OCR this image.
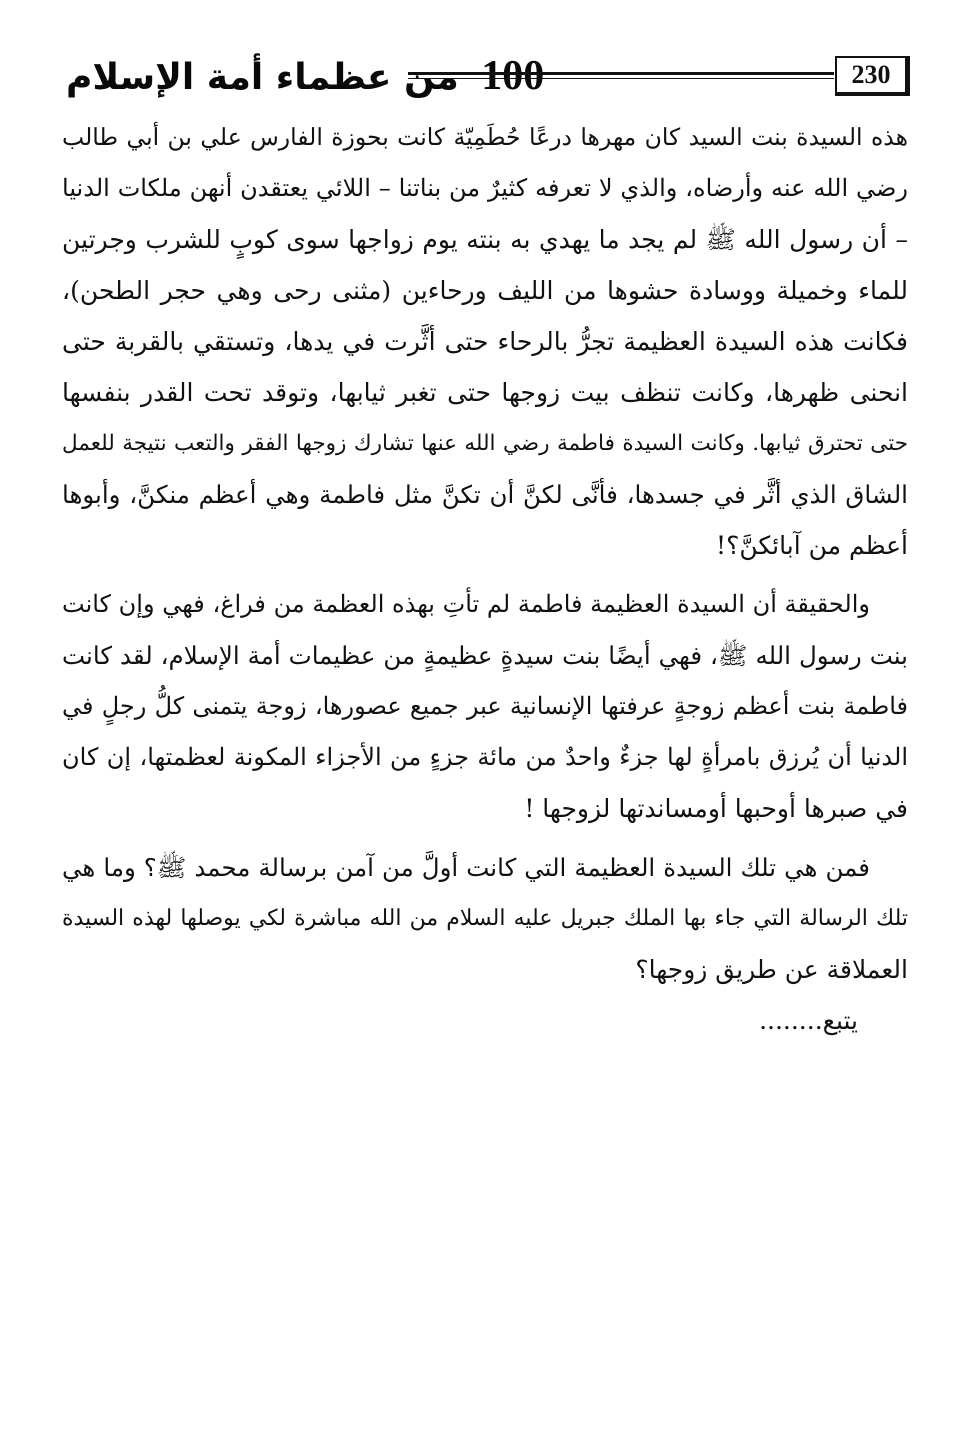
100 من عظماء أمة الإسلام	230

هذه السيدة بنت السيد كان مهرها درعًا حُطَمِيّة كانت بحوزة الفارس علي بن أبي طالب
رضي الله عنه وأرضاه، والذي لا تعرفه كثيرٌ من بناتنا – اللائي يعتقدن أنهن ملكات الدنيا
– أن رسول الله ﷺ لم يجد ما يهدي به بنته يوم زواجها سوى كوبٍ للشرب وجرتين
للماء وخميلة ووسادة حشوها من الليف ورحاءين (مثنى رحى وهي حجر الطحن)،
فكانت هذه السيدة العظيمة تجرُّ بالرحاء حتى أثَّرت في يدها، وتستقي بالقربة حتى
انحنى ظهرها، وكانت تنظف بيت زوجها حتى تغبر ثيابها، وتوقد تحت القدر بنفسها
حتى تحترق ثيابها. وكانت السيدة فاطمة رضي الله عنها تشارك زوجها الفقر والتعب نتيجة للعمل
الشاق الذي أثَّر في جسدها، فأنَّى لكنَّ أن تكنَّ مثل فاطمة وهي أعظم منكنَّ، وأبوها
أعظم من آبائكنَّ؟!

والحقيقة أن السيدة العظيمة فاطمة لم تأتِ بهذه العظمة من فراغ، فهي وإن كانت
بنت رسول الله ﷺ، فهي أيضًا بنت سيدةٍ عظيمةٍ من عظيمات أمة الإسلام، لقد كانت
فاطمة بنت أعظم زوجةٍ عرفتها الإنسانية عبر جميع عصورها، زوجة يتمنى كلُّ رجلٍ في
الدنيا أن يُرزق بامرأةٍ لها جزءٌ واحدٌ من مائة جزءٍ من الأجزاء المكونة لعظمتها، إن كان
في صبرها أوحبها أومساندتها لزوجها !

فمن هي تلك السيدة العظيمة التي كانت أولَّ من آمن برسالة محمد ﷺ؟ وما هي
تلك الرسالة التي جاء بها الملك جبريل عليه السلام من الله مباشرة لكي يوصلها لهذه السيدة
العملاقة عن طريق زوجها؟

يتبع........
